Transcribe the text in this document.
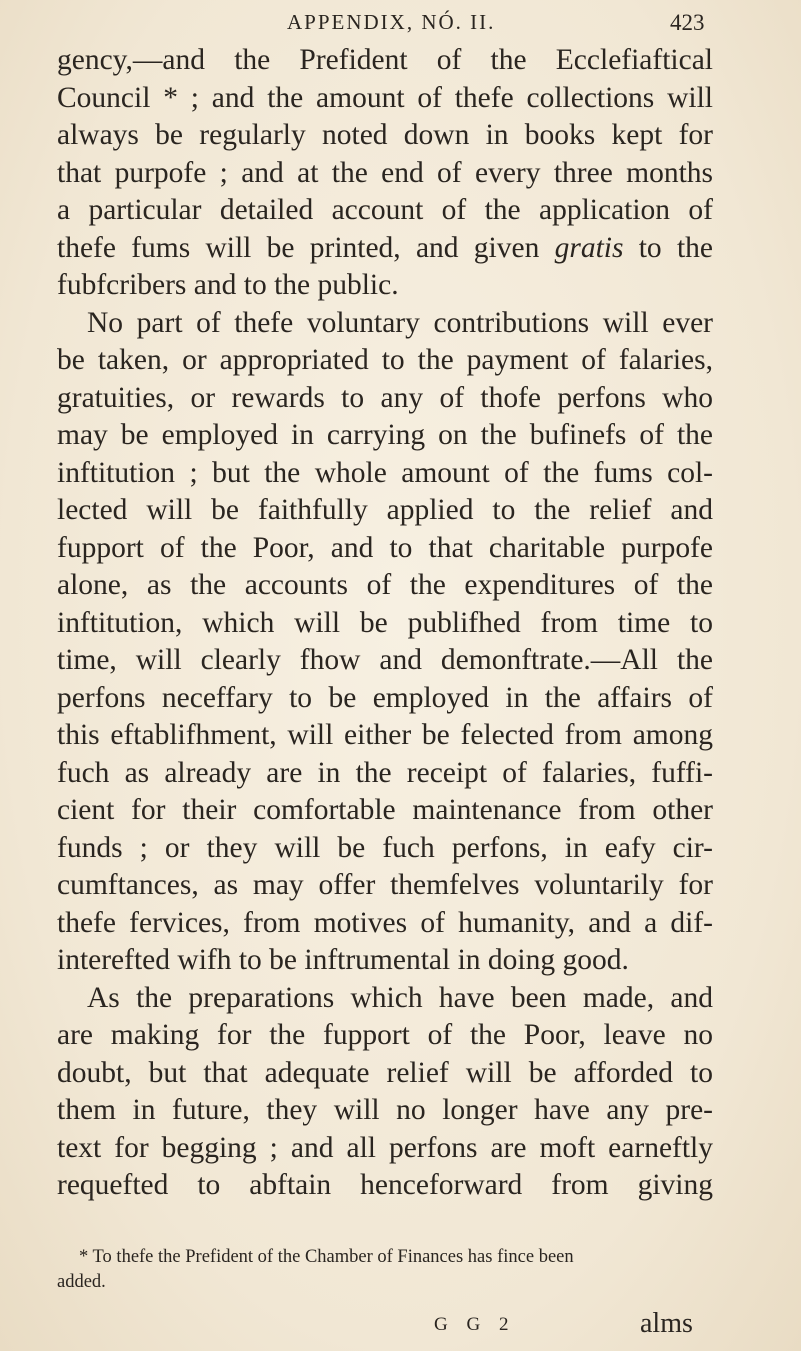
APPENDIX, NÓ. II.	423
gency,—and the Prefident of the Ecclefiaftical
Council * ; and the amount of thefe collections will
always be regularly noted down in books kept for
that purpofe ; and at the end of every three months
a particular detailed account of the application of
thefe fums will be printed, and given gratis to the
fubfcribers and to the public.
No part of thefe voluntary contributions will ever
be taken, or appropriated to the payment of falaries,
gratuities, or rewards to any of thofe perfons who
may be employed in carrying on the bufinefs of the
inftitution ; but the whole amount of the fums col-
lected will be faithfully applied to the relief and
fupport of the Poor, and to that charitable purpofe
alone, as the accounts of the expenditures of the
inftitution, which will be publifhed from time to
time, will clearly fhow and demonftrate.—All the
perfons neceffary to be employed in the affairs of
this eftablifhment, will either be felected from among
fuch as already are in the receipt of falaries, fuffi-
cient for their comfortable maintenance from other
funds ; or they will be fuch perfons, in eafy cir-
cumftances, as may offer themfelves voluntarily for
thefe fervices, from motives of humanity, and a dif-
interefted wifh to be inftrumental in doing good.
As the preparations which have been made, and
are making for the fupport of the Poor, leave no
doubt, but that adequate relief will be afforded to
them in future, they will no longer have any pre-
text for begging ; and all perfons are moft earneftly
requefted to abftain henceforward from giving
* To thefe the Prefident of the Chamber of Finances has fince been
added.
G G 2	alms
